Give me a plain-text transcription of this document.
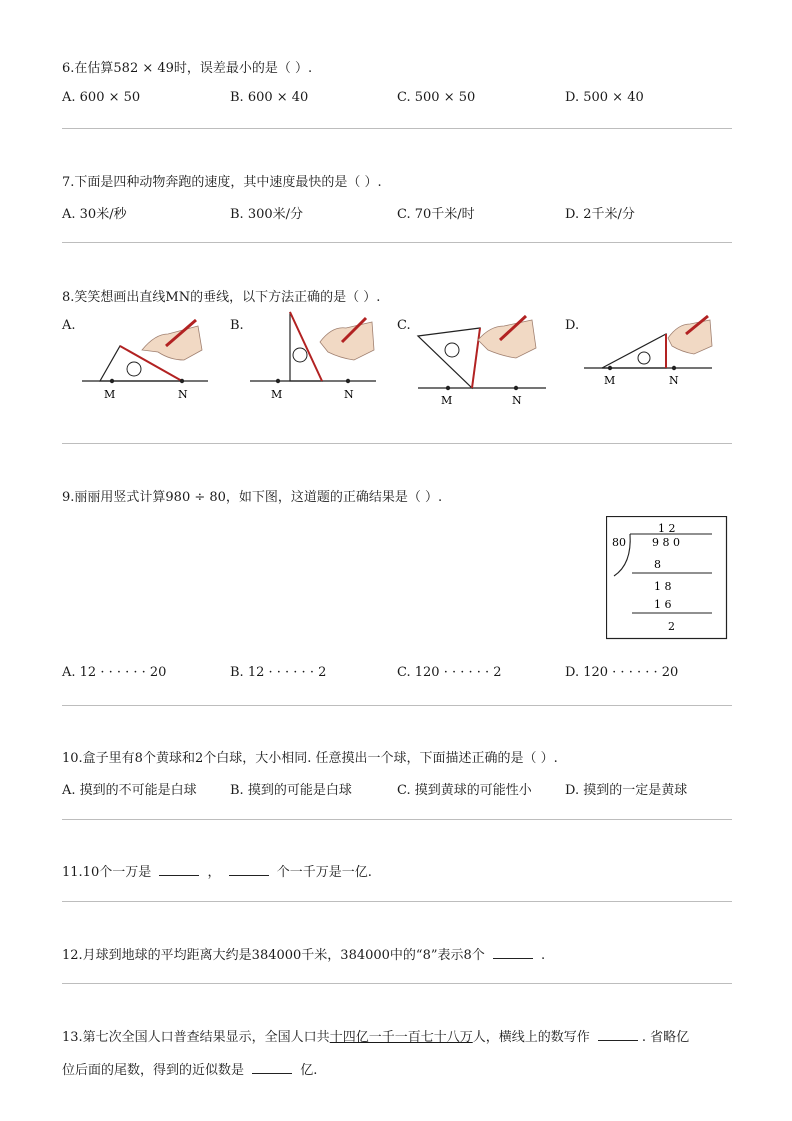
6.在估算582 × 49时，误差最小的是（ ）.
A. 600 × 50	B. 600 × 40	C. 500 × 50	D. 500 × 40
7.下面是四种动物奔跑的速度，其中速度最快的是（ ）.
A. 30米/秒	B. 300米/分	C. 70千米/时	D. 2千米/分
8.笑笑想画出直线MN的垂线，以下方法正确的是（ ）.
A.
M	N
B.
M	N
C.
M	N
D.
M	N
9.丽丽用竖式计算980 ÷ 80，如下图，这道题的正确结果是（ ）.
1 2
80 9 8 0
8
1 8
1 6
2
A. 12 · · · · · · 20	B. 12 · · · · · · 2	C. 120 · · · · · · 2	D. 120 · · · · · · 20
10.盒子里有8个黄球和2个白球，大小相同. 任意摸出一个球，下面描述正确的是（ ）.
A. 摸到的不可能是白球	B. 摸到的可能是白球	C. 摸到黄球的可能性小	D. 摸到的一定是黄球
11.10个一万是	，	个一千万是一亿.
12.月球到地球的平均距离大约是384000千米，384000中的“8”表示8个	.
13.第七次全国人口普查结果显示，全国人口共十四亿一千一百七十八万人，横线上的数写作	. 省略亿
位后面的尾数，得到的近似数是	亿.
